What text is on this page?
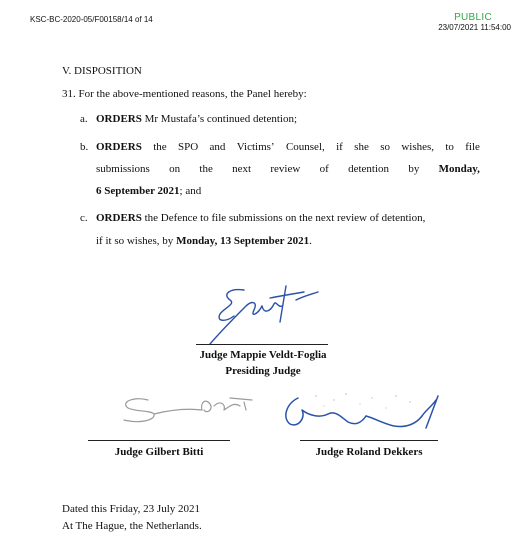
KSC-BC-2020-05/F00158/14 of 14	PUBLIC
23/07/2021 11:54:00
V. DISPOSITION
31. For the above-mentioned reasons, the Panel hereby:
a. ORDERS Mr Mustafa’s continued detention;
b. ORDERS the SPO and Victims’ Counsel, if she so wishes, to file
submissions on the next review of detention by Monday,
6 September 2021; and
c. ORDERS the Defence to file submissions on the next review of detention,
if it so wishes, by Monday, 13 September 2021.
Judge Mappie Veldt-Foglia
Presiding Judge
Judge Gilbert Bitti	Judge Roland Dekkers
Dated this Friday, 23 July 2021
At The Hague, the Netherlands.
